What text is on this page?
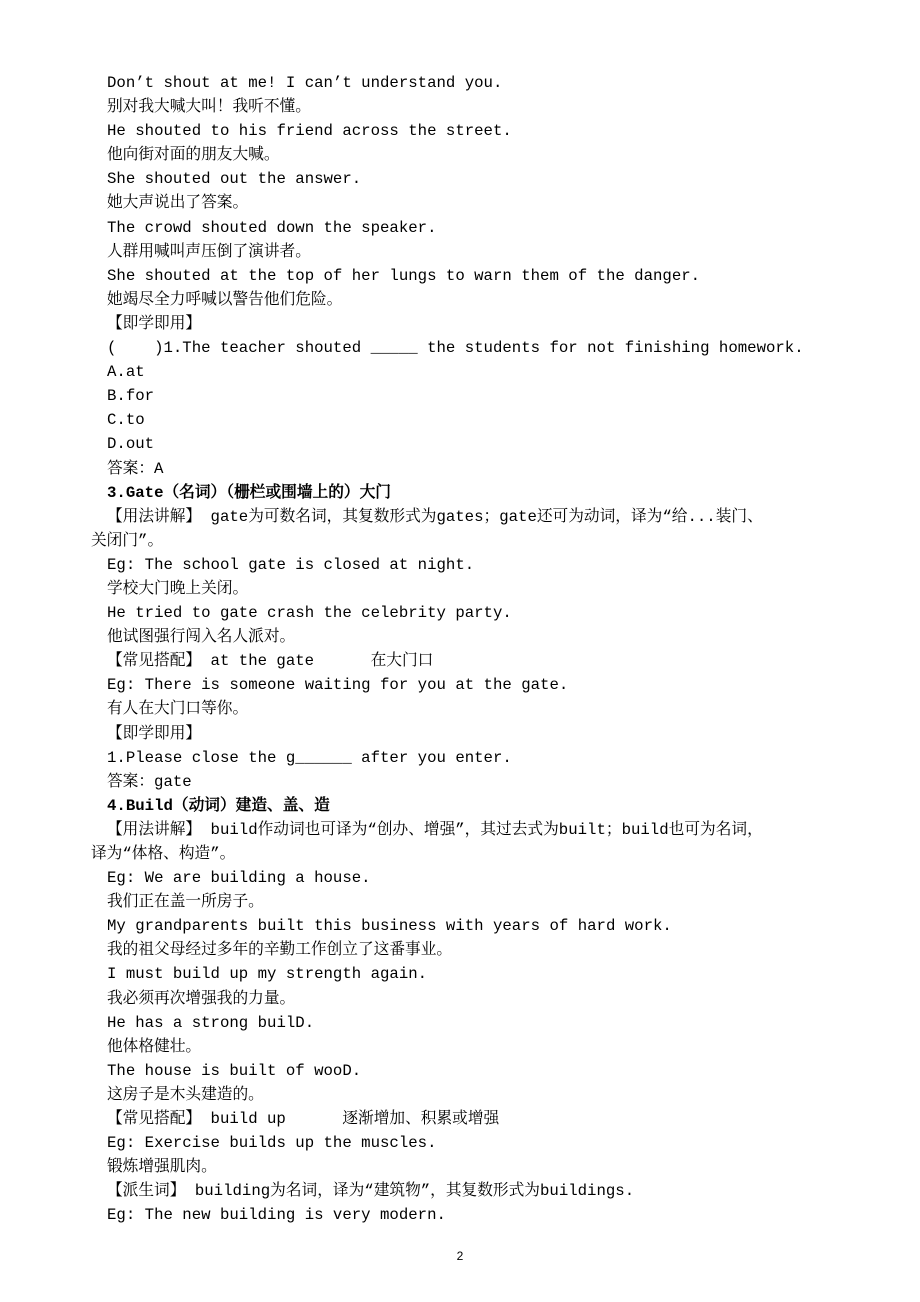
Don’t shout at me! I can’t understand you.
别对我大喊大叫！我听不懂。
He shouted to his friend across the street.
他向街对面的朋友大喊。
She shouted out the answer.
她大声说出了答案。
The crowd shouted down the speaker.
人群用喊叫声压倒了演讲者。
She shouted at the top of her lungs to warn them of the danger.
她竭尽全力呼喊以警告他们危险。
【即学即用】
(    )1.The teacher shouted _____ the students for not finishing homework.
A.at
B.for
C.to
D.out
答案：A
3.Gate（名词）（栅栏或围墙上的）大门
【用法讲解】 gate为可数名词，其复数形式为gates；gate还可为动词，译为“给...装门、
关闭门”。
Eg: The school gate is closed at night.
学校大门晚上关闭。
He tried to gate crash the celebrity party.
他试图强行闯入名人派对。
【常见搭配】 at the gate      在大门口
Eg: There is someone waiting for you at the gate.
有人在大门口等你。
【即学即用】
1.Please close the g______ after you enter.
答案：gate
4.Build（动词）建造、盖、造
【用法讲解】 build作动词也可译为“创办、增强”，其过去式为built；build也可为名词，
译为“体格、构造”。
Eg: We are building a house.
我们正在盖一所房子。
My grandparents built this business with years of hard work.
我的祖父母经过多年的辛勤工作创立了这番事业。
I must build up my strength again.
我必须再次增强我的力量。
He has a strong builD.
他体格健壮。
The house is built of wooD.
这房子是木头建造的。
【常见搭配】 build up      逐渐增加、积累或增强
Eg: Exercise builds up the muscles.
锻炼增强肌肉。
【派生词】 building为名词，译为“建筑物”，其复数形式为buildings.
Eg: The new building is very modern.
2
